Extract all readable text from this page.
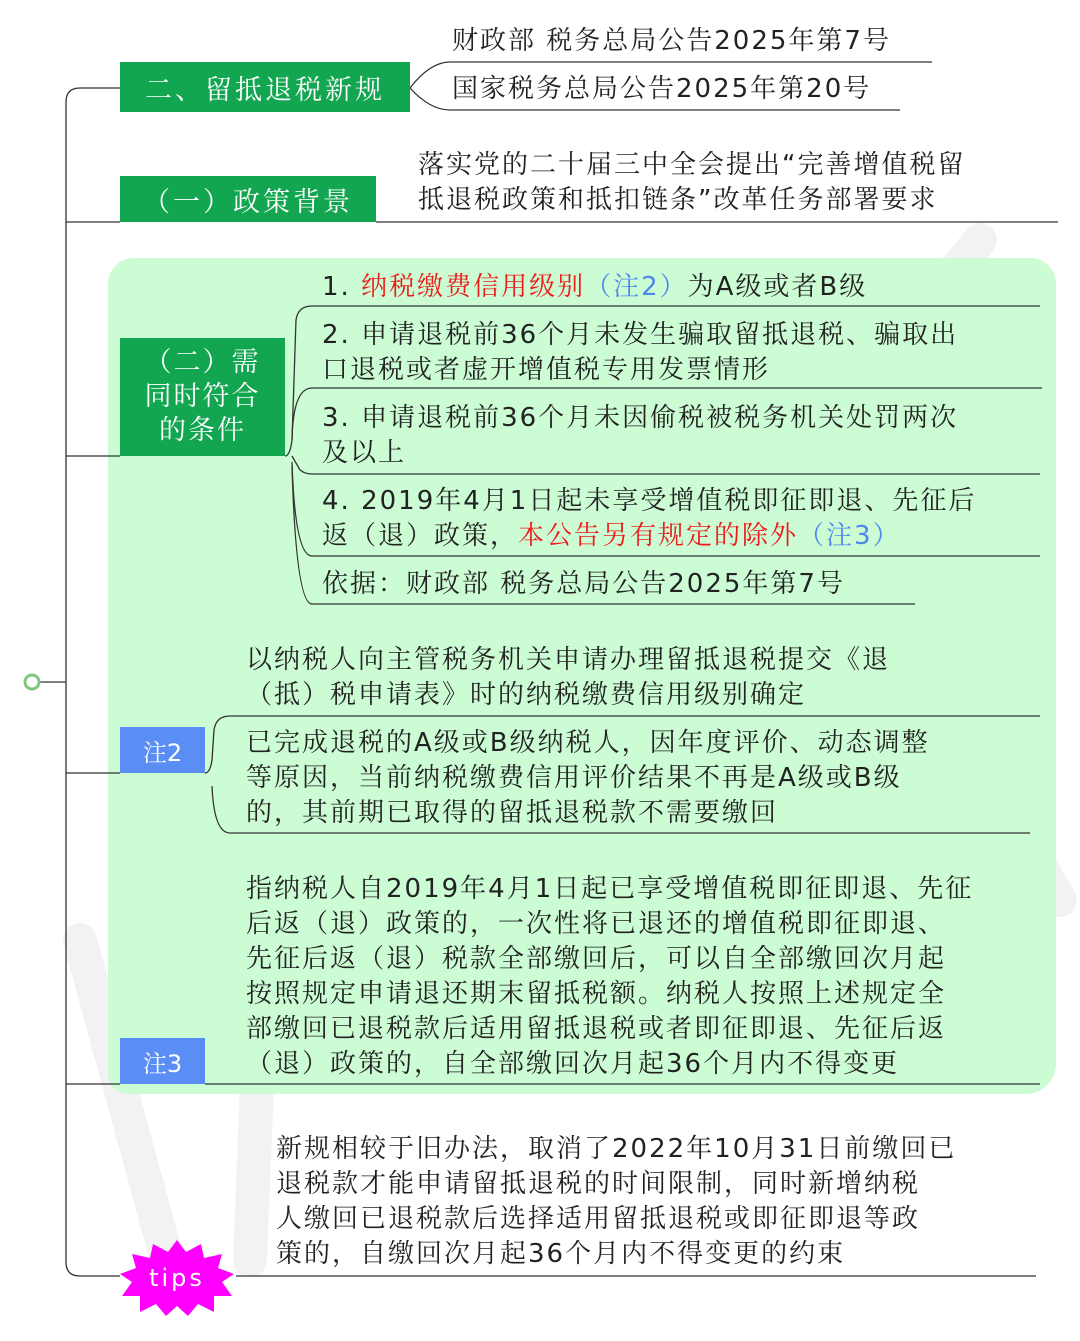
二、留抵退税新规
财政部 税务总局公告2025年第7号
国家税务总局公告2025年第20号
（一）政策背景
落实党的二十届三中全会提出“完善增值税留
抵退税政策和抵扣链条”改革任务部署要求
（二）需
同时符合
的条件
1. 纳税缴费信用级别（注2）为A级或者B级
2. 申请退税前36个月未发生骗取留抵退税、骗取出
口退税或者虚开增值税专用发票情形
3. 申请退税前36个月未因偷税被税务机关处罚两次
及以上
4. 2019年4月1日起未享受增值税即征即退、先征后
返（退）政策，本公告另有规定的除外（注3）
依据：财政部 税务总局公告2025年第7号
注2
以纳税人向主管税务机关申请办理留抵退税提交《退
（抵）税申请表》时的纳税缴费信用级别确定
已完成退税的A级或B级纳税人，因年度评价、动态调整
等原因，当前纳税缴费信用评价结果不再是A级或B级
的，其前期已取得的留抵退税款不需要缴回
注3
指纳税人自2019年4月1日起已享受增值税即征即退、先征
后返（退）政策的，一次性将已退还的增值税即征即退、
先征后返（退）税款全部缴回后，可以自全部缴回次月起
按照规定申请退还期末留抵税额。纳税人按照上述规定全
部缴回已退税款后适用留抵退税或者即征即退、先征后返
（退）政策的，自全部缴回次月起36个月内不得变更
tips
新规相较于旧办法，取消了2022年10月31日前缴回已
退税款才能申请留抵退税的时间限制，同时新增纳税
人缴回已退税款后选择适用留抵退税或即征即退等政
策的，自缴回次月起36个月内不得变更的约束
